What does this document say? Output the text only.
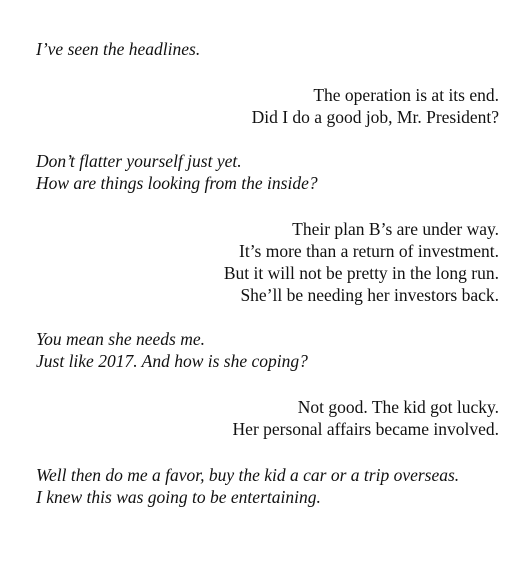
I’ve seen the headlines.
The operation is at its end.
Did I do a good job, Mr. President?
Don’t flatter yourself just yet.
How are things looking from the inside?
Their plan B’s are under way.
It’s more than a return of investment.
But it will not be pretty in the long run.
She’ll be needing her investors back.
You mean she needs me.
Just like 2017. And how is she coping?
Not good. The kid got lucky.
Her personal affairs became involved.
Well then do me a favor, buy the kid a car or a trip overseas.
I knew this was going to be entertaining.
